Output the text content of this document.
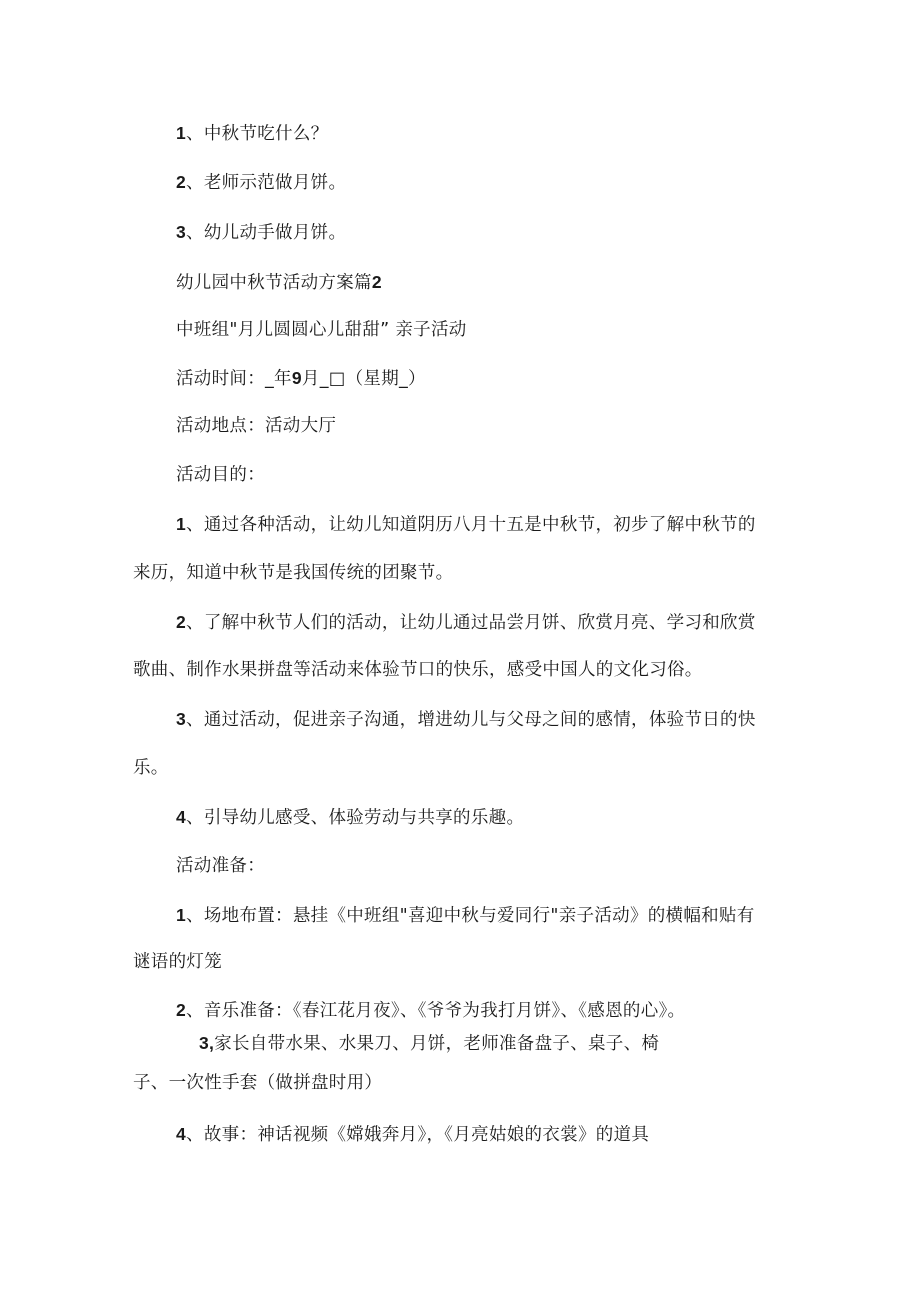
1、中秋节吃什么？
2、老师示范做月饼。
3、幼儿动手做月饼。
幼儿园中秋节活动方案篇2
中班组"月儿圆圆心儿甜甜” 亲子活动
活动时间：_年9月_□（星期_）
活动地点：活动大厅
活动目的：
1、通过各种活动，让幼儿知道阴历八月十五是中秋节，初步了解中秋节的
来历，知道中秋节是我国传统的团聚节。
2、了解中秋节人们的活动，让幼儿通过品尝月饼、欣赏月亮、学习和欣赏
歌曲、制作水果拼盘等活动来体验节口的快乐，感受中国人的文化习俗。
3、通过活动，促进亲子沟通，增进幼儿与父母之间的感情，体验节日的快
乐。
4、引导幼儿感受、体验劳动与共享的乐趣。
活动准备：
1、场地布置：悬挂《中班组"喜迎中秋与爱同行"亲子活动》的横幅和贴有
谜语的灯笼
2、音乐准备：《春江花月夜》、《爷爷为我打月饼》、《感恩的心》。
3,家长自带水果、水果刀、月饼，老师准备盘子、桌子、椅
子、一次性手套（做拼盘时用）
4、故事：神话视频《嫦娥奔月》，《月亮姑娘的衣裳》的道具
